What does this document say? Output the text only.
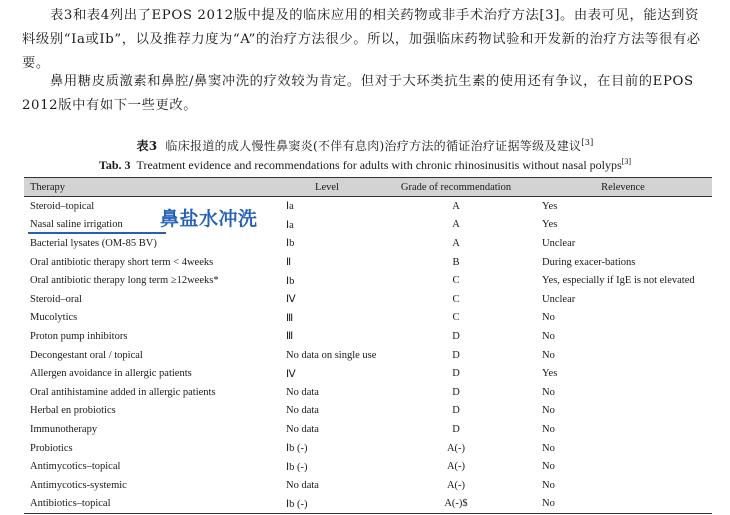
表3和表4列出了EPOS 2012版中提及的临床应用的相关药物或非手术治疗方法[3]。由表可见，能达到资料级别“Ⅰa或Ⅰb”，以及推荐力度为“A”的治疗方法很少。所以，加强临床药物试验和开发新的治疗方法等很有必要。
鼻用糖皮质激素和鼻腔/鼻窦冲洗的疗效较为肯定。但对于大环类抗生素的使用还有争议，在目前的EPOS 2012版中有如下一些更改。
表3 临床报道的成人慢性鼻窦炎(不伴有息肉)治疗方法的循证治疗证据等级及建议[3]
Tab. 3 Treatment evidence and recommendations for adults with chronic rhinosinusitis without nasal polyps[3]
Therapy	Level	Grade of recommendation	Relevence
Steroid–topical	Ⅰa	A	Yes
Nasal saline irrigation	Ⅰa	A	Yes
Bacterial lysates (OM-85 BV)	Ⅰb	A	Unclear
Oral antibiotic therapy short term < 4weeks	Ⅱ	B	During exacer-bations
Oral antibiotic therapy long term ≥12weeks*	Ⅰb	C	Yes, especially if IgE is not elevated
Steroid–oral	Ⅳ	C	Unclear
Mucolytics	Ⅲ	C	No
Proton pump inhibitors	Ⅲ	D	No
Decongestant oral / topical	No data on single use	D	No
Allergen avoidance in allergic patients	Ⅳ	D	Yes
Oral antihistamine added in allergic patients	No data	D	No
Herbal en probiotics	No data	D	No
Immunotherapy	No data	D	No
Probiotics	Ⅰb (-)	A(-)	No
Antimycotics–topical	Ⅰb (-)	A(-)	No
Antimycotics-systemic	No data	A(-)	No
Antibiotics–topical	Ⅰb (-)	A(-)$	No
鼻盐水冲洗
